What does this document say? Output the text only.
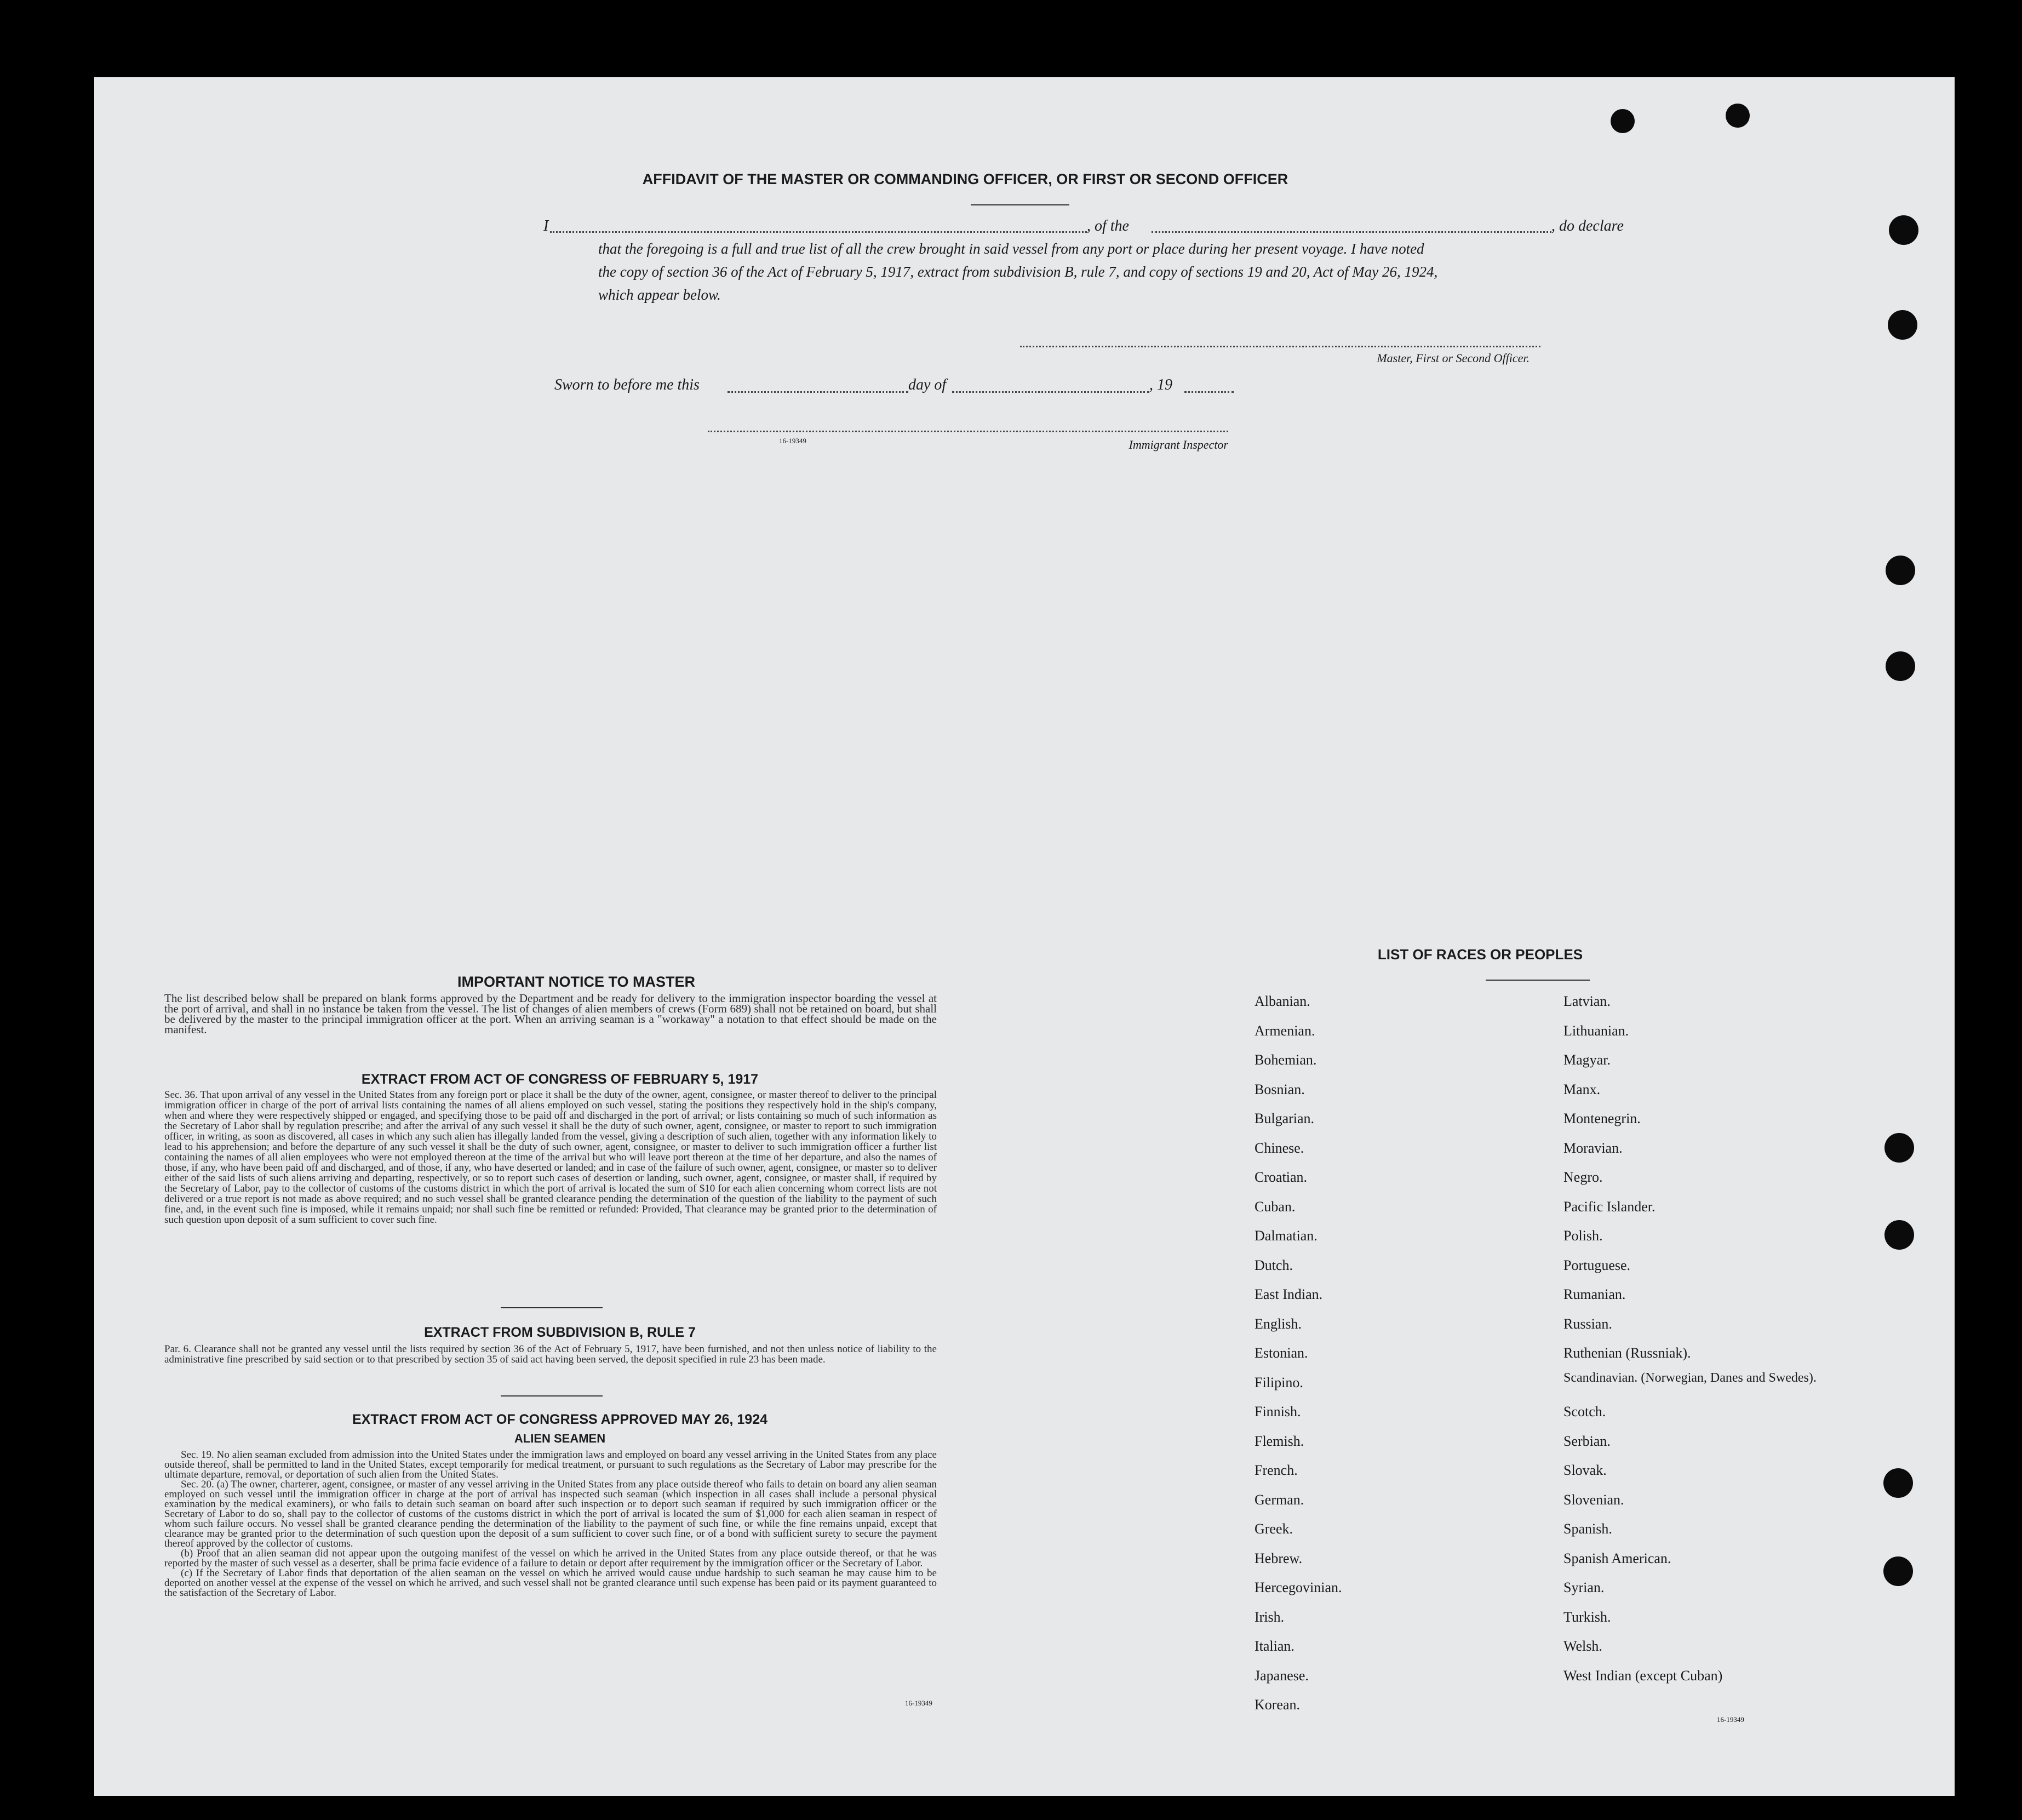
AFFIDAVIT OF THE MASTER OR COMMANDING OFFICER, OR FIRST OR SECOND OFFICER
I	, of the	, do declare
that the foregoing is a full and true list of all the crew brought in said vessel from any port or place during her present voyage. I have noted
the copy of section 36 of the Act of February 5, 1917, extract from subdivision B, rule 7, and copy of sections 19 and 20, Act of May 26, 1924,
which appear below.
Master, First or Second Officer.
Sworn to before me this	day of	, 19
16-19349	Immigrant Inspector
IMPORTANT NOTICE TO MASTER
The list described below shall be prepared on blank forms approved by the Department and be ready for delivery to the immigration inspector boarding the vessel at the port of arrival, and shall in no instance be taken from the vessel. The list of changes of alien members of crews (Form 689) shall not be retained on board, but shall be delivered by the master to the principal immigration officer at the port. When an arriving seaman is a "workaway" a notation to that effect should be made on the manifest.
EXTRACT FROM ACT OF CONGRESS OF FEBRUARY 5, 1917
Sec. 36. That upon arrival of any vessel in the United States from any foreign port or place it shall be the duty of the owner, agent, consignee, or master thereof to deliver to the principal immigration officer in charge of the port of arrival lists containing the names of all aliens employed on such vessel, stating the positions they respectively hold in the ship's company, when and where they were respectively shipped or engaged, and specifying those to be paid off and discharged in the port of arrival; or lists containing so much of such information as the Secretary of Labor shall by regulation prescribe; and after the arrival of any such vessel it shall be the duty of such owner, agent, consignee, or master to report to such immigration officer, in writing, as soon as discovered, all cases in which any such alien has illegally landed from the vessel, giving a description of such alien, together with any information likely to lead to his apprehension; and before the departure of any such vessel it shall be the duty of such owner, agent, consignee, or master to deliver to such immigration officer a further list containing the names of all alien employees who were not employed thereon at the time of the arrival but who will leave port thereon at the time of her departure, and also the names of those, if any, who have been paid off and discharged, and of those, if any, who have deserted or landed; and in case of the failure of such owner, agent, consignee, or master so to deliver either of the said lists of such aliens arriving and departing, respectively, or so to report such cases of desertion or landing, such owner, agent, consignee, or master shall, if required by the Secretary of Labor, pay to the collector of customs of the customs district in which the port of arrival is located the sum of $10 for each alien concerning whom correct lists are not delivered or a true report is not made as above required; and no such vessel shall be granted clearance pending the determination of the question of the liability to the payment of such fine, and, in the event such fine is imposed, while it remains unpaid; nor shall such fine be remitted or refunded: Provided, That clearance may be granted prior to the determination of such question upon deposit of a sum sufficient to cover such fine.
EXTRACT FROM SUBDIVISION B, RULE 7
Par. 6. Clearance shall not be granted any vessel until the lists required by section 36 of the Act of February 5, 1917, have been furnished, and not then unless notice of liability to the administrative fine prescribed by said section or to that prescribed by section 35 of said act having been served, the deposit specified in rule 23 has been made.
EXTRACT FROM ACT OF CONGRESS APPROVED MAY 26, 1924
ALIEN SEAMEN

Sec. 19. No alien seaman excluded from admission into the United States under the immigration laws and employed on board any vessel arriving in the United States from any place outside thereof, shall be permitted to land in the United States, except temporarily for medical treatment, or pursuant to such regulations as the Secretary of Labor may prescribe for the ultimate departure, removal, or deportation of such alien from the United States.

Sec. 20. (a) The owner, charterer, agent, consignee, or master of any vessel arriving in the United States from any place outside thereof who fails to detain on board any alien seaman employed on such vessel until the immigration officer in charge at the port of arrival has inspected such seaman (which inspection in all cases shall include a personal physical examination by the medical examiners), or who fails to detain such seaman on board after such inspection or to deport such seaman if required by such immigration officer or the Secretary of Labor to do so, shall pay to the collector of customs of the customs district in which the port of arrival is located the sum of $1,000 for each alien seaman in respect of whom such failure occurs. No vessel shall be granted clearance pending the determination of the liability to the payment of such fine, or while the fine remains unpaid, except that clearance may be granted prior to the determination of such question upon the deposit of a sum sufficient to cover such fine, or of a bond with sufficient surety to secure the payment thereof approved by the collector of customs.

(b) Proof that an alien seaman did not appear upon the outgoing manifest of the vessel on which he arrived in the United States from any place outside thereof, or that he was reported by the master of such vessel as a deserter, shall be prima facie evidence of a failure to detain or deport after requirement by the immigration officer or the Secretary of Labor.

(c) If the Secretary of Labor finds that deportation of the alien seaman on the vessel on which he arrived would cause undue hardship to such seaman he may cause him to be deported on another vessel at the expense of the vessel on which he arrived, and such vessel shall not be granted clearance until such expense has been paid or its payment guaranteed to the satisfaction of the Secretary of Labor.

16-19349
LIST OF RACES OR PEOPLES
16-19349
Albanian.
Armenian.
Bohemian.
Bosnian.
Bulgarian.
Chinese.
Croatian.
Cuban.
Dalmatian.
Dutch.
East Indian.
English.
Estonian.
Filipino.
Finnish.
Flemish.
French.
German.
Greek.
Hebrew.
Hercegovinian.
Irish.
Italian.
Japanese.
Korean.
Latvian.
Lithuanian.
Magyar.
Manx.
Montenegrin.
Moravian.
Negro.
Pacific Islander.
Polish.
Portuguese.
Rumanian.
Russian.
Ruthenian (Russniak).
Scandinavian. (Norwegian, Danes and Swedes).
Scotch.
Serbian.
Slovak.
Slovenian.
Spanish.
Spanish American.
Syrian.
Turkish.
Welsh.
West Indian (except Cuban)
